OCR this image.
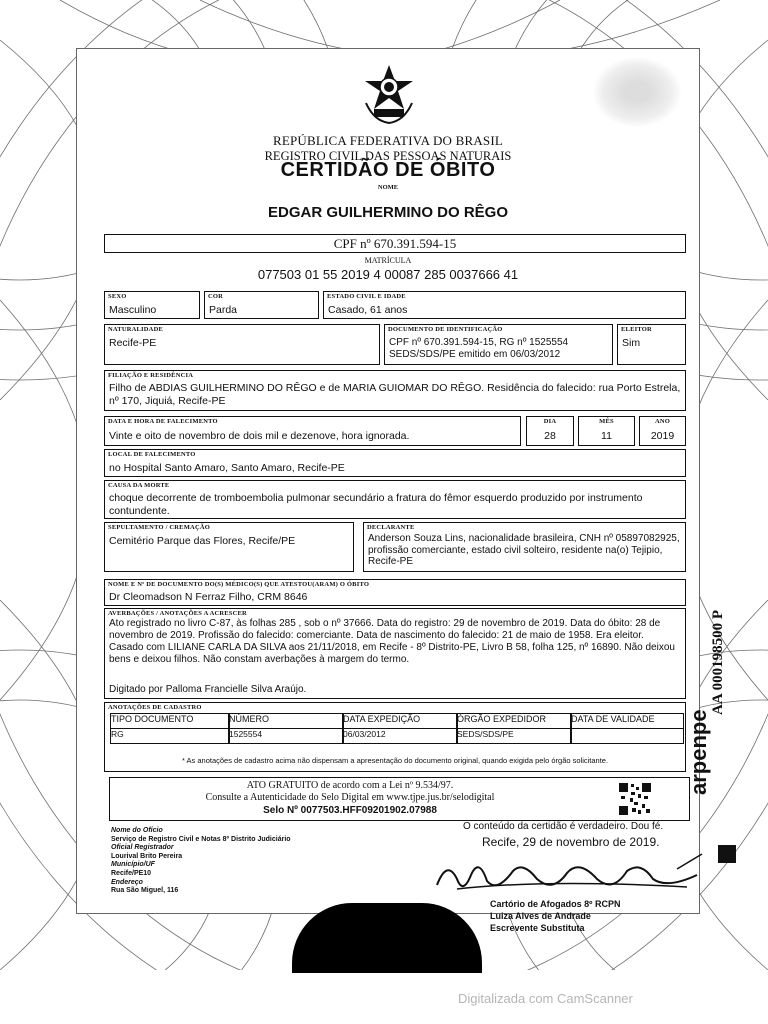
REPÚBLICA FEDERATIVA DO BRASIL
REGISTRO CIVIL DAS PESSOAS NATURAIS
CERTIDÃO DE ÓBITO
NOME
EDGAR GUILHERMINO DO RÊGO
CPF nº 670.391.594-15
MATRÍCULA
077503 01 55 2019 4 00087 285 0037666 41
SEXO
Masculino
COR
Parda
ESTADO CIVIL E IDADE
Casado, 61 anos
NATURALIDADE
Recife-PE
DOCUMENTO DE IDENTIFICAÇÃO
CPF nº 670.391.594-15, RG nº 1525554
SEDS/SDS/PE emitido em 06/03/2012
ELEITOR
Sim
FILIAÇÃO E RESIDÊNCIA
Filho de ABDIAS GUILHERMINO DO RÊGO e de MARIA GUIOMAR DO RÊGO. Residência do falecido: rua Porto Estrela, nº 170, Jiquiá, Recife-PE
DATA E HORA DE FALECIMENTO
Vinte e oito de novembro de dois mil e dezenove, hora ignorada.
DIA
28
MÊS
11
ANO
2019
LOCAL DE FALECIMENTO
no Hospital Santo Amaro, Santo Amaro, Recife-PE
CAUSA DA MORTE
choque decorrente de tromboembolia pulmonar secundário a fratura do fêmor esquerdo produzido por instrumento contundente.
SEPULTAMENTO / CREMAÇÃO
Cemitério Parque das Flores, Recife/PE
DECLARANTE
Anderson Souza Lins, nacionalidade brasileira, CNH nº 05897082925, profissão comerciante, estado civil solteiro, residente na(o) Tejipio, Recife-PE
NOME E Nº DE DOCUMENTO DO(S) MÉDICO(S) QUE ATESTOU(ARAM) O ÓBITO
Dr Cleomadson N Ferraz Filho, CRM 8646
AVERBAÇÕES / ANOTAÇÕES A ACRESCER
Ato registrado no livro C-87, às folhas 285 , sob o nº 37666. Data do registro: 29 de novembro de 2019. Data do óbito: 28 de novembro de 2019. Profissão do falecido: comerciante. Data de nascimento do falecido: 21 de maio de 1958. Era eleitor. Casado com LILIANE CARLA DA SILVA aos 21/11/2018, em Recife - 8º Distrito-PE, Livro B 58, folha 125, nº 16890. Não deixou bens e deixou filhos. Não constam averbações à margem do termo.
Digitado por Palloma Francielle Silva Araújo.
ANOTAÇÕES DE CADASTRO
TIPO DOCUMENTO	NÚMERO	DATA EXPEDIÇÃO	ÓRGÃO EXPEDIDOR	DATA DE VALIDADE
RG	1525554	06/03/2012	SEDS/SDS/PE
* As anotações de cadastro acima não dispensam a apresentação do documento original, quando exigida pelo órgão solicitante.
ATO GRATUITO de acordo com a Lei nº 9.534/97.
Consulte a Autenticidade do Selo Digital em www.tjpe.jus.br/selodigital
Selo Nº 0077503.HFF09201902.07988
Nome do Ofício
Serviço de Registro Civil e Notas 8º Distrito Judiciário
Oficial Registrador
Lourival Brito Pereira
Município/UF
Recife/PE10
Endereço
Rua São Miguel, 116
O conteúdo da certidão é verdadeiro. Dou fé.
Recife, 29 de novembro de 2019.
Cartório de Afogados 8º RCPN
Luiza Alves de Andrade
Escrevente Substituta
arpenpe
AA 000198500 P
Digitalizada com CamScanner
